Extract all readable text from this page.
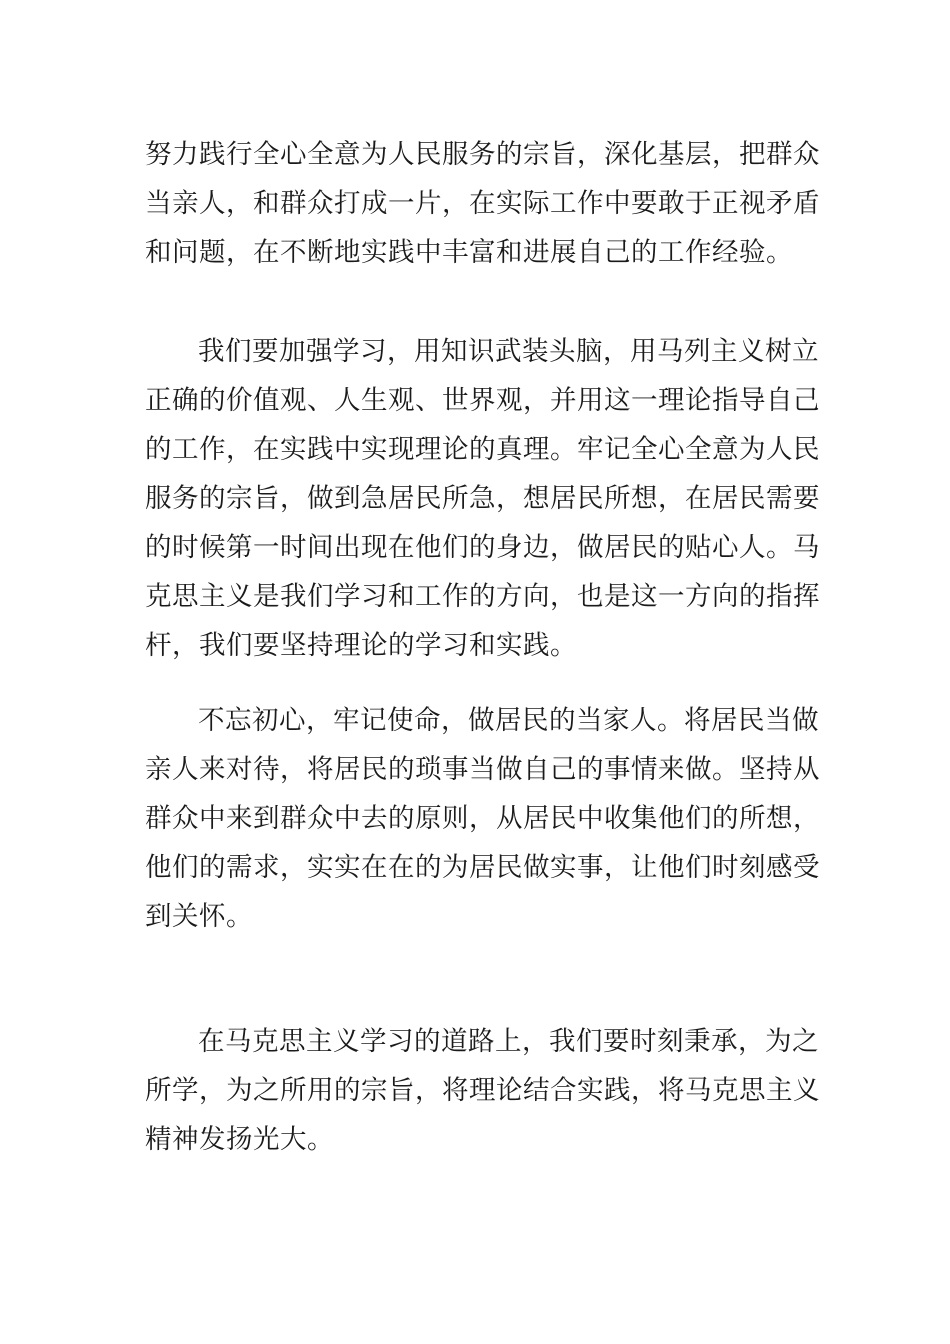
努力践行全心全意为人民服务的宗旨，深化基层，把群众
当亲人，和群众打成一片，在实际工作中要敢于正视矛盾
和问题，在不断地实践中丰富和进展自己的工作经验。

我们要加强学习，用知识武装头脑，用马列主义树立
正确的价值观、人生观、世界观，并用这一理论指导自己
的工作，在实践中实现理论的真理。牢记全心全意为人民
服务的宗旨，做到急居民所急，想居民所想，在居民需要
的时候第一时间出现在他们的身边，做居民的贴心人。马
克思主义是我们学习和工作的方向，也是这一方向的指挥
杆，我们要坚持理论的学习和实践。

不忘初心，牢记使命，做居民的当家人。将居民当做
亲人来对待，将居民的琐事当做自己的事情来做。坚持从
群众中来到群众中去的原则，从居民中收集他们的所想，
他们的需求，实实在在的为居民做实事，让他们时刻感受
到关怀。

在马克思主义学习的道路上，我们要时刻秉承，为之
所学，为之所用的宗旨，将理论结合实践，将马克思主义
精神发扬光大。
